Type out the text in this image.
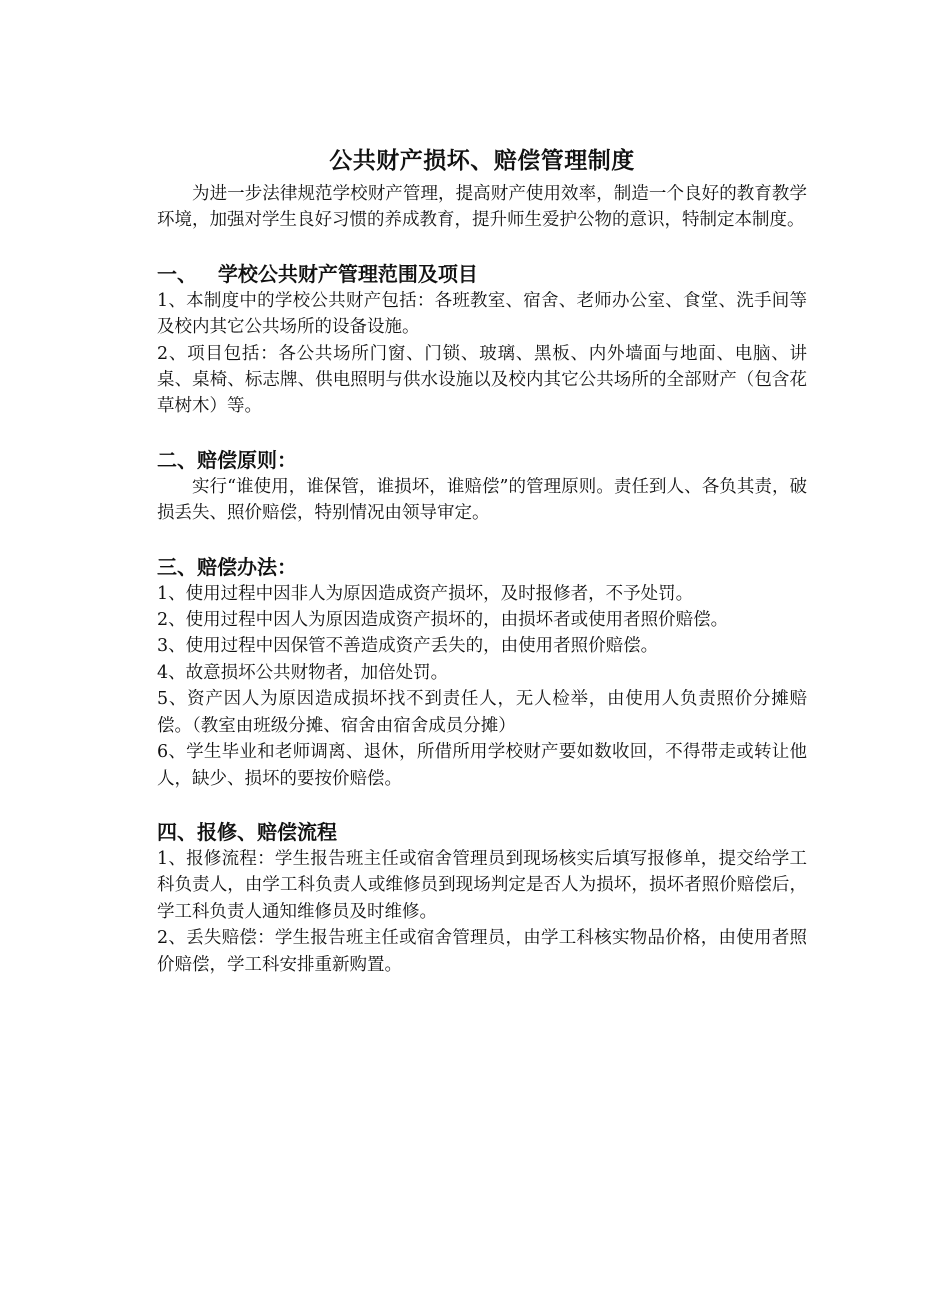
公共财产损坏、赔偿管理制度

为进一步法律规范学校财产管理，提高财产使用效率，制造一个良好的教育教学环境，加强对学生良好习惯的养成教育，提升师生爱护公物的意识，特制定本制度。

一、   学校公共财产管理范围及项目

1、本制度中的学校公共财产包括：各班教室、宿舍、老师办公室、食堂、洗手间等及校内其它公共场所的设备设施。

2、项目包括：各公共场所门窗、门锁、玻璃、黑板、内外墙面与地面、电脑、讲桌、桌椅、标志牌、供电照明与供水设施以及校内其它公共场所的全部财产（包含花草树木）等。

二、赔偿原则：

实行“谁使用，谁保管，谁损坏，谁赔偿”的管理原则。责任到人、各负其责，破损丢失、照价赔偿，特别情况由领导审定。

三、赔偿办法：

1、使用过程中因非人为原因造成资产损坏，及时报修者，不予处罚。

2、使用过程中因人为原因造成资产损坏的，由损坏者或使用者照价赔偿。

3、使用过程中因保管不善造成资产丢失的，由使用者照价赔偿。

4、故意损坏公共财物者，加倍处罚。

5、资产因人为原因造成损坏找不到责任人，无人检举，由使用人负责照价分摊赔偿。（教室由班级分摊、宿舍由宿舍成员分摊）

6、学生毕业和老师调离、退休，所借所用学校财产要如数收回，不得带走或转让他人，缺少、损坏的要按价赔偿。

四、报修、赔偿流程

1、报修流程：学生报告班主任或宿舍管理员到现场核实后填写报修单，提交给学工科负责人，由学工科负责人或维修员到现场判定是否人为损坏，损坏者照价赔偿后，学工科负责人通知维修员及时维修。

2、丢失赔偿：学生报告班主任或宿舍管理员，由学工科核实物品价格，由使用者照价赔偿，学工科安排重新购置。
